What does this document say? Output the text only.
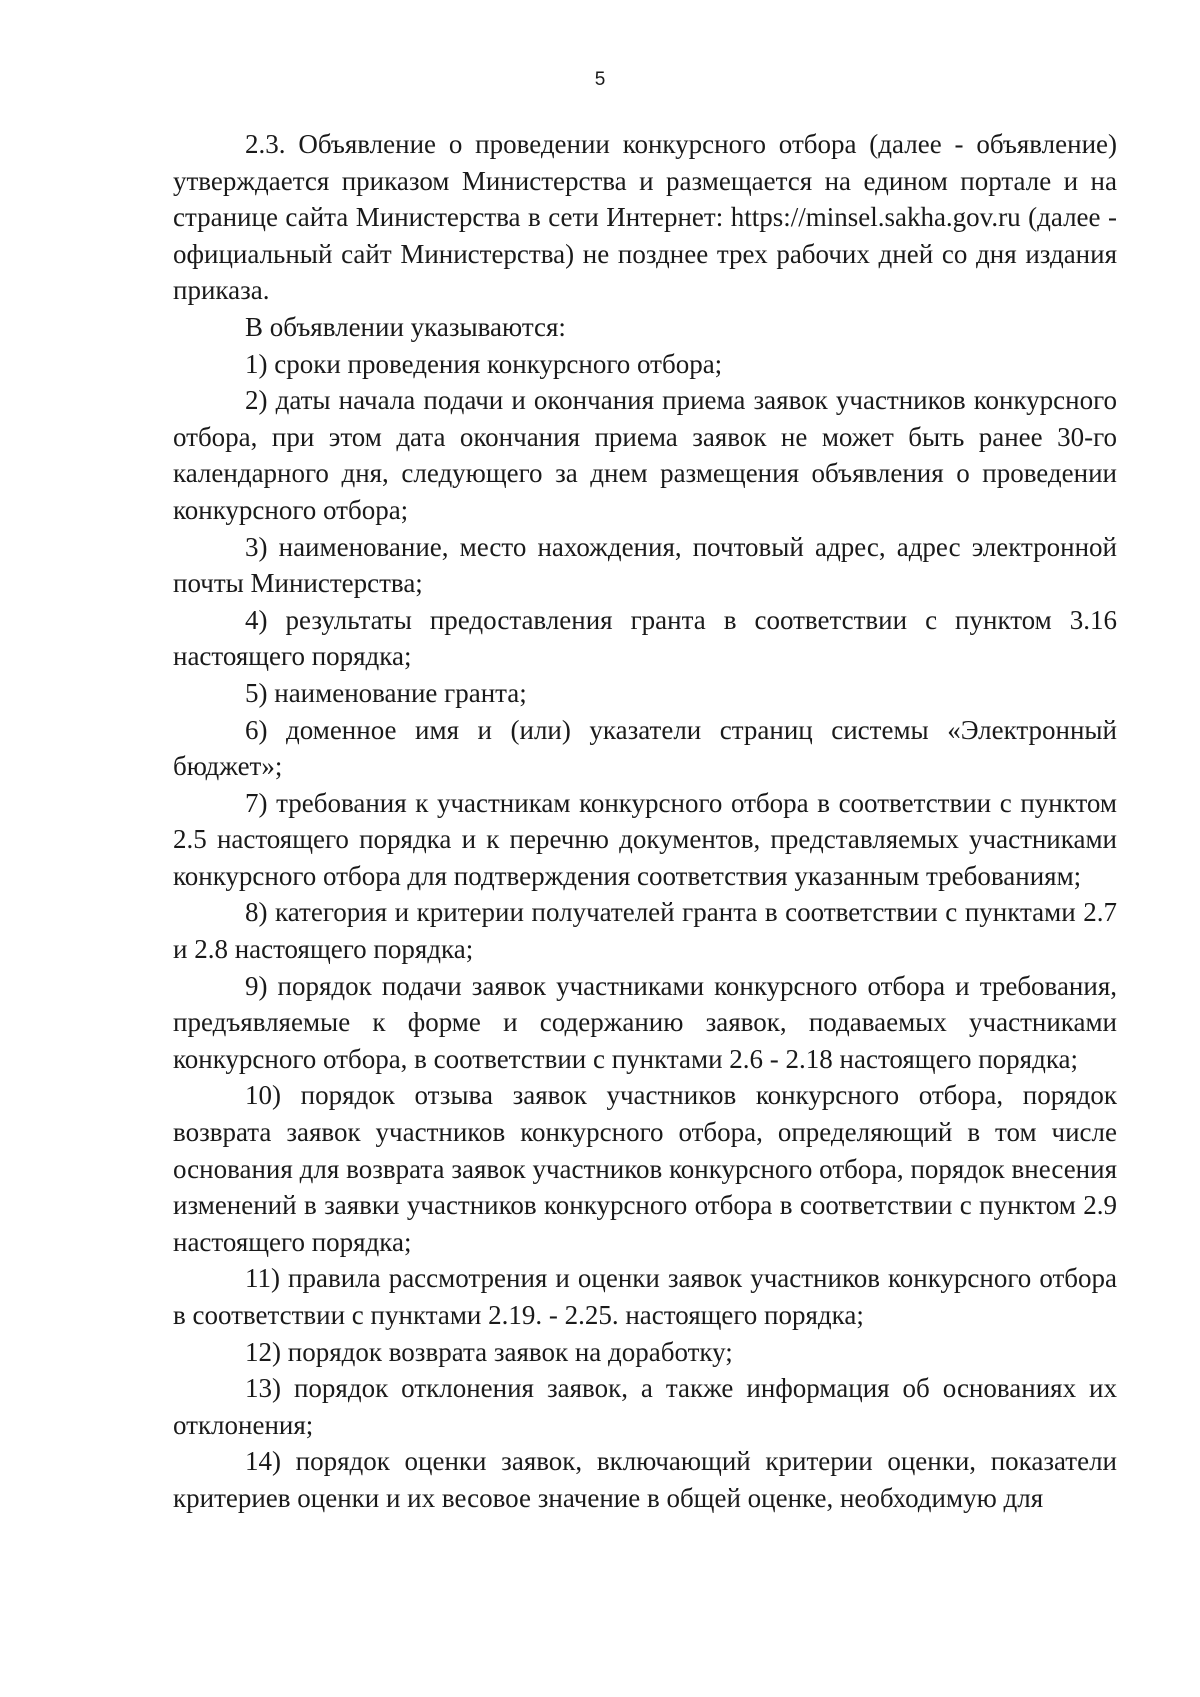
5

2.3. Объявление о проведении конкурсного отбора (далее - объявление) утверждается приказом Министерства и размещается на едином портале и на странице сайта Министерства в сети Интернет: https://minsel.sakha.gov.ru (далее - официальный сайт Министерства) не позднее трех рабочих дней со дня издания приказа.

В объявлении указываются:

1) сроки проведения конкурсного отбора;

2) даты начала подачи и окончания приема заявок участников конкурсного отбора, при этом дата окончания приема заявок не может быть ранее 30-го календарного дня, следующего за днем размещения объявления о проведении конкурсного отбора;

3) наименование, место нахождения, почтовый адрес, адрес электронной почты Министерства;

4) результаты предоставления гранта в соответствии с пунктом 3.16 настоящего порядка;

5) наименование гранта;

6) доменное имя и (или) указатели страниц системы «Электронный бюджет»;

7) требования к участникам конкурсного отбора в соответствии с пунктом 2.5 настоящего порядка и к перечню документов, представляемых участниками конкурсного отбора для подтверждения соответствия указанным требованиям;

8) категория и критерии получателей гранта в соответствии с пунктами 2.7 и 2.8 настоящего порядка;

9) порядок подачи заявок участниками конкурсного отбора и требования, предъявляемые к форме и содержанию заявок, подаваемых участниками конкурсного отбора, в соответствии с пунктами 2.6 - 2.18 настоящего порядка;

10) порядок отзыва заявок участников конкурсного отбора, порядок возврата заявок участников конкурсного отбора, определяющий в том числе основания для возврата заявок участников конкурсного отбора, порядок внесения изменений в заявки участников конкурсного отбора в соответствии с пунктом 2.9 настоящего порядка;

11) правила рассмотрения и оценки заявок участников конкурсного отбора в соответствии с пунктами 2.19. - 2.25. настоящего порядка;

12) порядок возврата заявок на доработку;

13) порядок отклонения заявок, а также информация об основаниях их отклонения;

14) порядок оценки заявок, включающий критерии оценки, показатели критериев оценки и их весовое значение в общей оценке, необходимую для
